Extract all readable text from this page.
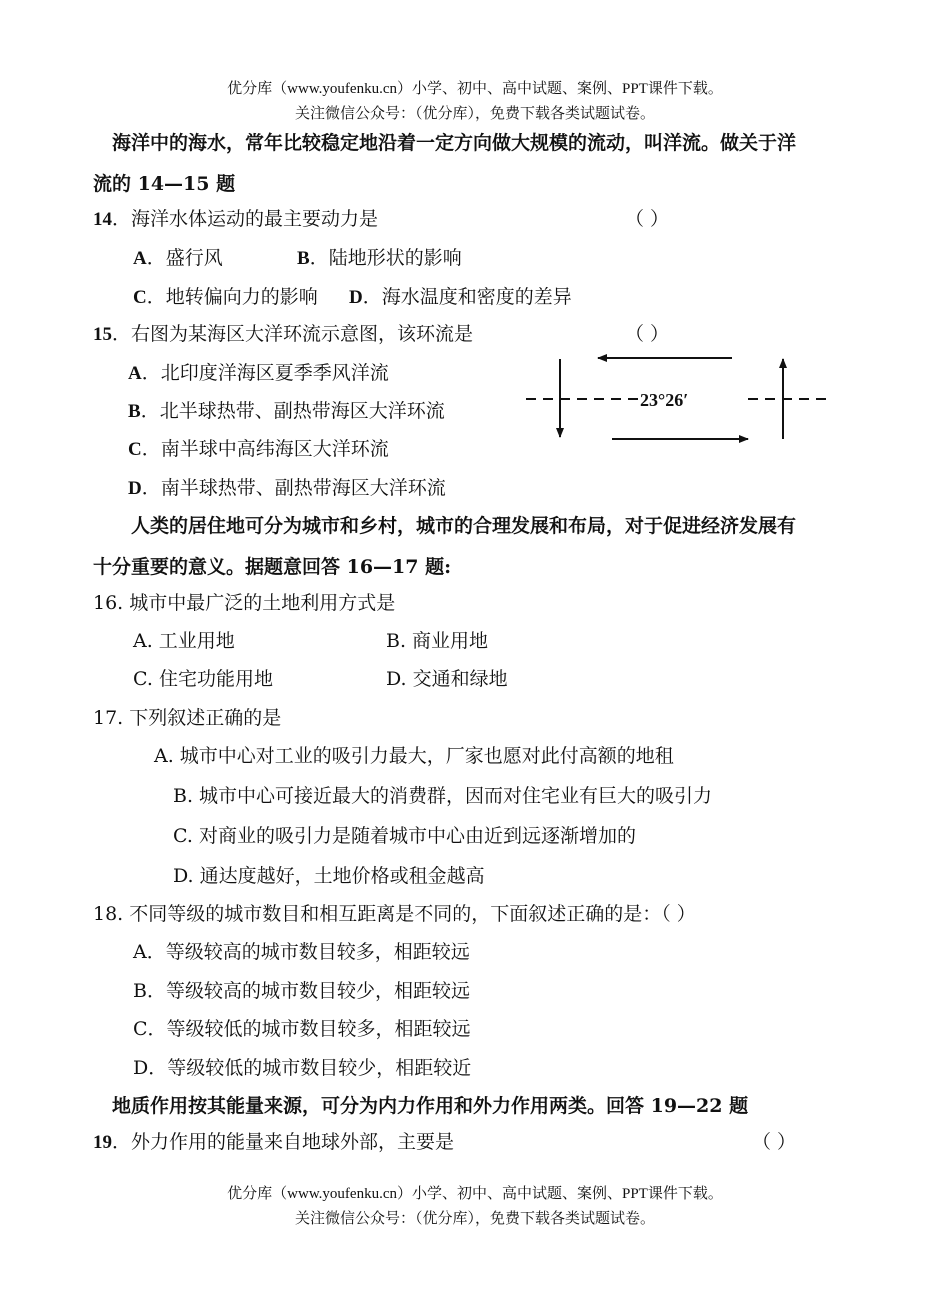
优分库（www.youfenku.cn）小学、初中、高中试题、案例、PPT课件下载。
关注微信公众号：（优分库），免费下载各类试题试卷。
海洋中的海水，常年比较稳定地沿着一定方向做大规模的流动，叫洋流。做关于洋
流的 14—15 题
14．海洋水体运动的最主要动力是	（ ）
A．盛行风	B．陆地形状的影响
C．地转偏向力的影响 D．海水温度和密度的差异
15．右图为某海区大洋环流示意图，该环流是	（ ）
A．北印度洋海区夏季季风洋流
B．北半球热带、副热带海区大洋环流
C．南半球中高纬海区大洋环流
D．南半球热带、副热带海区大洋环流
23°26′
人类的居住地可分为城市和乡村，城市的合理发展和布局，对于促进经济发展有
十分重要的意义。据题意回答 16—17 题:
16. 城市中最广泛的土地利用方式是
A. 工业用地	B. 商业用地
C. 住宅功能用地	D. 交通和绿地
17. 下列叙述正确的是
A. 城市中心对工业的吸引力最大，厂家也愿对此付高额的地租
B. 城市中心可接近最大的消费群，因而对住宅业有巨大的吸引力
C. 对商业的吸引力是随着城市中心由近到远逐渐增加的
D. 通达度越好，土地价格或租金越高
18. 不同等级的城市数目和相互距离是不同的，下面叙述正确的是：（ ）
A．等级较高的城市数目较多，相距较远
B．等级较高的城市数目较少，相距较远
C．等级较低的城市数目较多，相距较远
D．等级较低的城市数目较少，相距较近
地质作用按其能量来源，可分为内力作用和外力作用两类。回答 19—22 题
19．外力作用的能量来自地球外部，主要是	（ ）
优分库（www.youfenku.cn）小学、初中、高中试题、案例、PPT课件下载。
关注微信公众号：（优分库），免费下载各类试题试卷。
